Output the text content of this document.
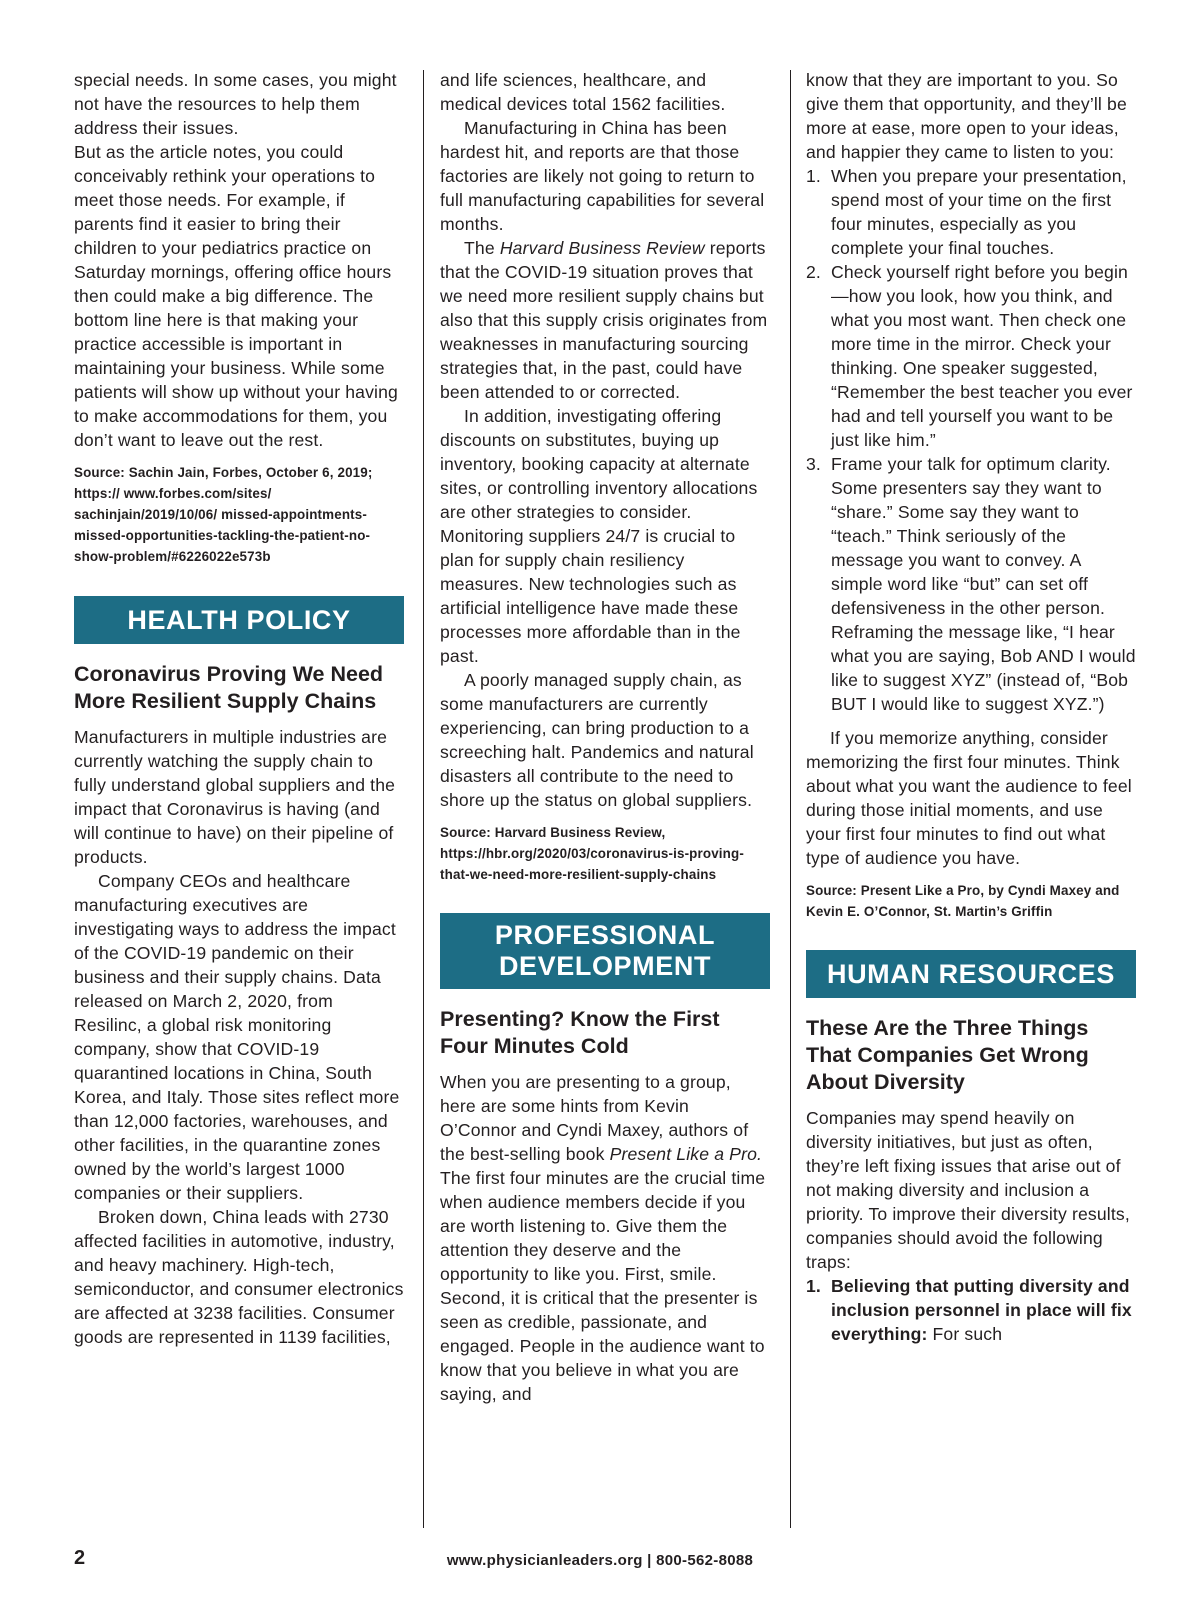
special needs. In some cases, you might not have the resources to help them address their issues.

But as the article notes, you could conceivably rethink your operations to meet those needs. For example, if parents find it easier to bring their children to your pediatrics practice on Saturday mornings, offering office hours then could make a big difference. The bottom line here is that making your practice accessible is important in maintaining your business. While some patients will show up without your having to make accommodations for them, you don’t want to leave out the rest.

Source: Sachin Jain, Forbes, October 6, 2019; https:// www.forbes.com/sites/ sachinjain/2019/10/06/ missed-appointments-missed-opportunities-tackling-the-patient-no-show-problem/#6226022e573b

HEALTH POLICY
Coronavirus Proving We Need More Resilient Supply Chains

Manufacturers in multiple industries are currently watching the supply chain to fully understand global suppliers and the impact that Coronavirus is having (and will continue to have) on their pipeline of products.

Company CEOs and healthcare manufacturing executives are investigating ways to address the impact of the COVID-19 pandemic on their business and their supply chains. Data released on March 2, 2020, from Resilinc, a global risk monitoring company, show that COVID-19 quarantined locations in China, South Korea, and Italy. Those sites reflect more than 12,000 factories, warehouses, and other facilities, in the quarantine zones owned by the world’s largest 1000 companies or their suppliers.

Broken down, China leads with 2730 affected facilities in automotive, industry, and heavy machinery. High-tech, semiconductor, and consumer electronics are affected at 3238 facilities. Consumer goods are represented in 1139 facilities,

and life sciences, healthcare, and medical devices total 1562 facilities.

Manufacturing in China has been hardest hit, and reports are that those factories are likely not going to return to full manufacturing capabilities for several months.

The Harvard Business Review reports that the COVID-19 situation proves that we need more resilient supply chains but also that this supply crisis originates from weaknesses in manufacturing sourcing strategies that, in the past, could have been attended to or corrected.

In addition, investigating offering discounts on substitutes, buying up inventory, booking capacity at alternate sites, or controlling inventory allocations are other strategies to consider. Monitoring suppliers 24/7 is crucial to plan for supply chain resiliency measures. New technologies such as artificial intelligence have made these processes more affordable than in the past.

A poorly managed supply chain, as some manufacturers are currently experiencing, can bring production to a screeching halt. Pandemics and natural disasters all contribute to the need to shore up the status on global suppliers.

Source: Harvard Business Review, https://hbr.org/2020/03/coronavirus-is-proving-that-we-need-more-resilient-supply-chains

PROFESSIONAL
DEVELOPMENT
Presenting? Know the First Four Minutes Cold

When you are presenting to a group, here are some hints from Kevin O’Connor and Cyndi Maxey, authors of the best-selling book Present Like a Pro. The first four minutes are the crucial time when audience members decide if you are worth listening to. Give them the attention they deserve and the opportunity to like you. First, smile. Second, it is critical that the presenter is seen as credible, passionate, and engaged. People in the audience want to know that you believe in what you are saying, and

know that they are important to you. So give them that opportunity, and they’ll be more at ease, more open to your ideas, and happier they came to listen to you:

1. When you prepare your presentation, spend most of your time on the first four minutes, especially as you complete your final touches.
2. Check yourself right before you begin—how you look, how you think, and what you most want. Then check one more time in the mirror. Check your thinking. One speaker suggested, “Remember the best teacher you ever had and tell yourself you want to be just like him.”
3. Frame your talk for optimum clarity. Some presenters say they want to “share.” Some say they want to “teach.” Think seriously of the message you want to convey. A simple word like “but” can set off defensiveness in the other person. Reframing the message like, “I hear what you are saying, Bob AND I would like to suggest XYZ” (instead of, “Bob BUT I would like to suggest XYZ.”)

If you memorize anything, consider memorizing the first four minutes. Think about what you want the audience to feel during those initial moments, and use your first four minutes to find out what type of audience you have.

Source: Present Like a Pro, by Cyndi Maxey and Kevin E. O’Connor, St. Martin’s Griffin

HUMAN RESOURCES
These Are the Three Things That Companies Get Wrong About Diversity

Companies may spend heavily on diversity initiatives, but just as often, they’re left fixing issues that arise out of not making diversity and inclusion a priority. To improve their diversity results, companies should avoid the following traps:

1. Believing that putting diversity and inclusion personnel in place will fix everything: For such
2	www.physicianleaders.org | 800-562-8088
